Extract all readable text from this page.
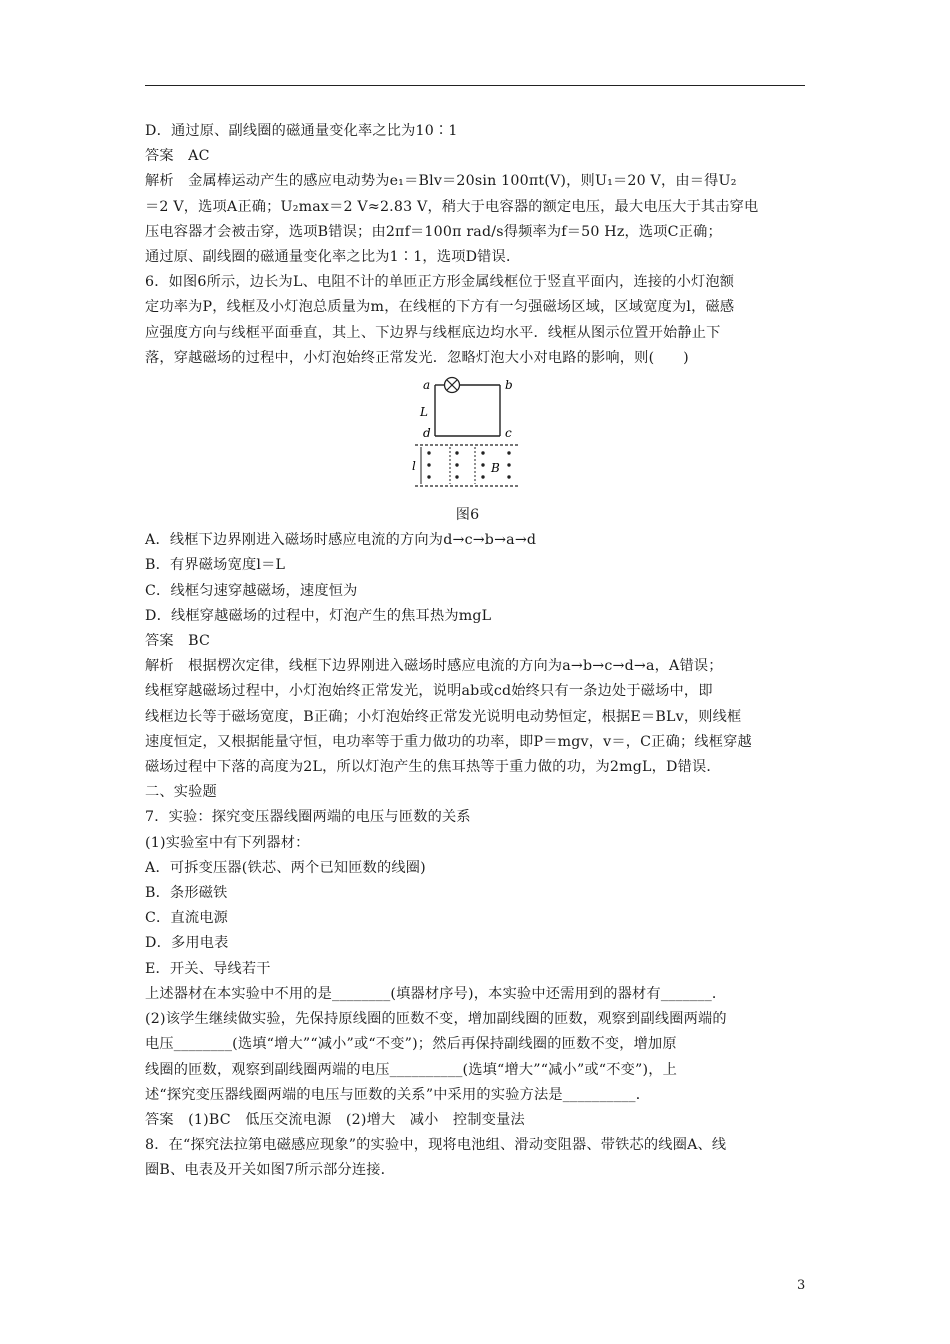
D．通过原、副线圈的磁通量变化率之比为10∶1

答案　AC

解析　金属棒运动产生的感应电动势为e₁＝Blv＝20sin 100πt(V)，则U₁＝20 V，由＝得U₂

＝2 V，选项A正确；U₂max＝2 V≈2.83 V，稍大于电容器的额定电压，最大电压大于其击穿电

压电容器才会被击穿，选项B错误；由2πf＝100π rad/s得频率为f＝50 Hz，选项C正确；

通过原、副线圈的磁通量变化率之比为1∶1，选项D错误．

6．如图6所示，边长为L、电阻不计的单匝正方形金属线框位于竖直平面内，连接的小灯泡额

定功率为P，线框及小灯泡总质量为m，在线框的下方有一匀强磁场区域，区域宽度为l，磁感

应强度方向与线框平面垂直，其上、下边界与线框底边均水平．线框从图示位置开始静止下

落，穿越磁场的过程中，小灯泡始终正常发光．忽略灯泡大小对电路的影响，则(　　)

a	b
c
d
L
l	B

图6

A．线框下边界刚进入磁场时感应电流的方向为d→c→b→a→d

B．有界磁场宽度l＝L

C．线框匀速穿越磁场，速度恒为

D．线框穿越磁场的过程中，灯泡产生的焦耳热为mgL

答案　BC

解析　根据楞次定律，线框下边界刚进入磁场时感应电流的方向为a→b→c→d→a，A错误；

线框穿越磁场过程中，小灯泡始终正常发光，说明ab或cd始终只有一条边处于磁场中，即

线框边长等于磁场宽度，B正确；小灯泡始终正常发光说明电动势恒定，根据E＝BLv，则线框

速度恒定，又根据能量守恒，电功率等于重力做功的功率，即P＝mgv，v＝，C正确；线框穿越

磁场过程中下落的高度为2L，所以灯泡产生的焦耳热等于重力做的功，为2mgL，D错误．

二、实验题

7．实验：探究变压器线圈两端的电压与匝数的关系

(1)实验室中有下列器材：

A．可拆变压器(铁芯、两个已知匝数的线圈)

B．条形磁铁

C．直流电源

D．多用电表

E．开关、导线若干

上述器材在本实验中不用的是________(填器材序号)，本实验中还需用到的器材有_______．

(2)该学生继续做实验，先保持原线圈的匝数不变，增加副线圈的匝数，观察到副线圈两端的

电压________(选填“增大”“减小”或“不变”)；然后再保持副线圈的匝数不变，增加原

线圈的匝数，观察到副线圈两端的电压__________(选填“增大”“减小”或“不变”)，上

述“探究变压器线圈两端的电压与匝数的关系”中采用的实验方法是__________．

答案　(1)BC　低压交流电源　(2)增大　减小　控制变量法

8．在“探究法拉第电磁感应现象”的实验中，现将电池组、滑动变阻器、带铁芯的线圈A、线

圈B、电表及开关如图7所示部分连接．

3
